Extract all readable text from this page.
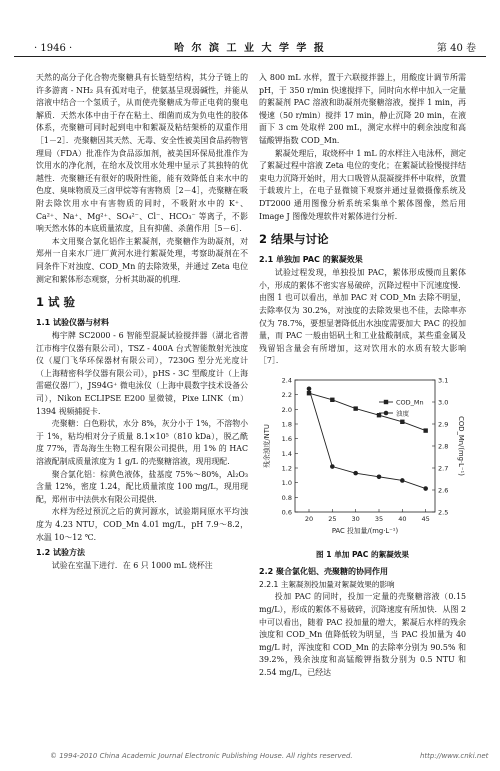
· 1946 ·	哈 尔 滨 工 业 大 学 学 报	第 40 卷

天然的高分子化合物壳聚糖具有长链型结构，其分子链上的许多游离 - NH₂ 具有孤对电子，使氨基呈现弱碱性，并能从溶液中结合一个氢质子，从而使壳聚糖成为带正电荷的聚电解质．天然水体中由于存在粘土、细菌而成为负电性的胶体体系，壳聚糖可同时起到电中和絮凝及粘结架桥的双重作用［1－2］．壳聚糖因其天然、无毒、安全性被美国食品药物管理局（FDA）批准作为食品添加剂，被美国环保局批准作为饮用水的净化剂，在给水及饮用水处理中显示了其独特的优越性．壳聚糖还有很好的吸附性能，能有效降低自来水中的色度、臭味物质及三卤甲烷等有害物质［2－4］，壳聚糖在吸附去除饮用水中有害物质的同时，不吸附水中的 K⁺、Ca²⁺、Na⁺、Mg²⁺、SO₄²⁻、Cl⁻、HCO₃⁻ 等离子，不影响天然水体的本底质量浓度，且有抑菌、杀菌作用［5－6］．

本文用聚合氯化铝作主絮凝剂，壳聚糖作为助凝剂，对郑州一自来水厂进厂黄河水进行絮凝处理，考察助凝剂在不同条件下对浊度、COD_Mn 的去除效果，并通过 Zeta 电位测定和絮体形态观察，分析其助凝的机理．

1 试 验
1.1 试验仪器与材料

梅宇牌 SC2000 - 6 智能型混凝试验搅拌器（湖北省潜江市梅宇仪器有限公司），TSZ - 400A 台式智能散射光浊度仪（厦门飞华环保器材有限公司），7230G 型分光光度计（上海精密科学仪器有限公司），pHS - 3C 型酸度计（上海雷磁仪器厂），JS94G⁺ 微电泳仪（上海中晨数字技术设备公司），Nikon ECLIPSE E200 显微镜，Pixe LINK（m）1394 视频捕捉卡．

壳聚糖：白色粉状，水分 8%，灰分小于 1%，不溶物小于 1%，粘均相对分子质量 8.1×10⁵（810 kDa），脱乙酰度 77%，青岛海生生物工程有限公司提供，用 1% 的 HAC 溶液配制成质量浓度为 1 g/L 的壳聚糖溶液，现用现配．

聚合氯化铝：棕黄色液体，盐基度 75%～80%，Al₂O₃ 含量 12%，密度 1.24，配比质量浓度 100 mg/L，现用现配，郑州市中法供水有限公司提供．

水样为经过预沉之后的黄河源水，试验期间原水平均浊度为 4.23 NTU，COD_Mn 4.01 mg/L，pH 7.9～8.2，水温 10～12 ℃．

1.2 试验方法

试验在室温下进行．在 6 只 1000 mL 烧杯注

入 800 mL 水样，置于六联搅拌器上，用酸度计调节所需 pH，于 350 r/min 快速搅拌下，同时向水样中加入一定量的絮凝剂 PAC 溶液和助凝剂壳聚糖溶液，搅拌 1 min，再慢速（50 r/min）搅拌 17 min，静止沉降 20 min，在液面下 3 cm 处取样 200 mL，测定水样中的剩余浊度和高锰酸钾指数 COD_Mn．

絮凝处理后，取烧杯中 1 mL 的水样注入电泳杯，测定了絮凝过程中溶液 Zeta 电位的变化；在絮凝试验慢搅拌结束电力沉降开始时，用大口吸管从混凝搅拌杯中取样，放置于载玻片上，在电子显微镜下观察并通过显微摄像系统及 DT2000 通用图像分析系统采集单个絮体图像，然后用 Image J 图像处理软件对絮体进行分析．

2 结果与讨论
2.1 单独加 PAC 的絮凝效果

试验过程发现，单独投加 PAC，絮体形成慢而且絮体小，形成的絮体不密实容易破碎，沉降过程中下沉速度慢．由图 1 也可以看出，单加 PAC 对 COD_Mn 去除不明显，去除率仅为 30.2%，对浊度的去除效果也不佳，去除率亦仅为 78.7%，要想显著降低出水浊度需要加大 PAC 的投加量，而 PAC 一般由铝矾土和工业盐酸制成，某些重金属及残留铝含量会有所增加，这对饮用水的水质有较大影响［7］．

0.6
0.8
1.0
1.2
1.4
1.6
1.8
2.0
2.2
2.4
2.5
2.6
2.7
2.8
2.9
3.0
3.1
20 25 30 35 40 45
PAC 投加量/(mg·L⁻¹)
残余浊度/NTU	COD_Mn/(mg·L⁻¹)
COD_Mn
浊度
图 1 单加 PAC 的絮凝效果
2.2 聚合氯化铝、壳聚糖的协同作用
2.2.1 主絮凝剂投加量对絮凝效果的影响

投加 PAC 的同时，投加一定量的壳聚糖溶液（0.15 mg/L），形成的絮体不易破碎，沉降速度有所加快．从图 2 中可以看出，随着 PAC 投加量的增大，絮凝后水样的残余浊度和 COD_Mn 值降低较为明显，当 PAC 投加量为 40 mg/L 时，浑浊度和 COD_Mn 的去除率分别为 90.5% 和 39.2%，残余浊度和高锰酸钾指数分别为 0.5 NTU 和 2.54 mg/L，已经达

© 1994-2010 China Academic Journal Electronic Publishing House. All rights reserved.	http://www.cnki.net
